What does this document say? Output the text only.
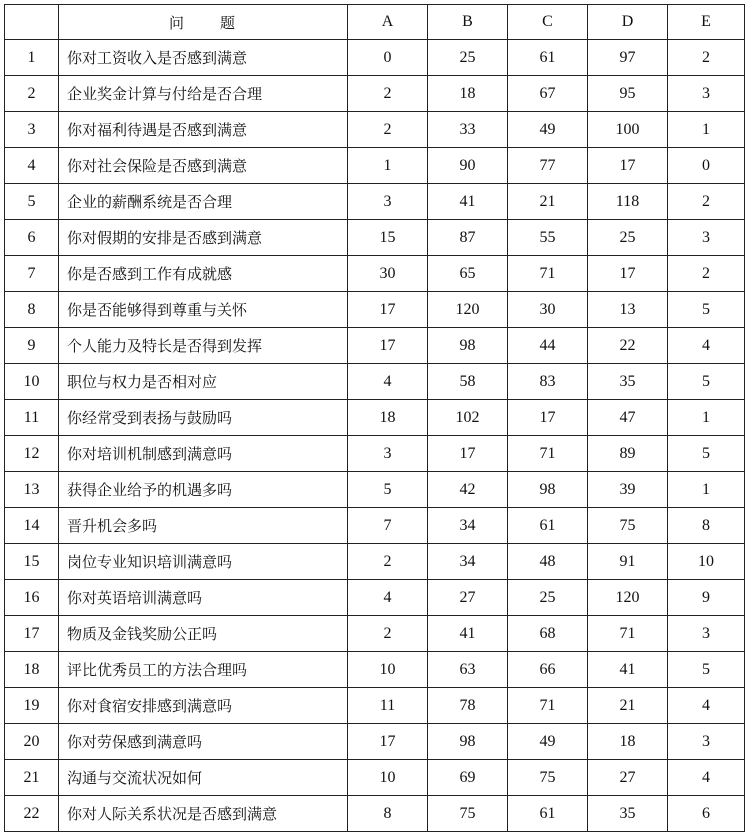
	问　　题	A	B	C	D	E
1	你对工资收入是否感到满意	0	25	61	97	2
2	企业奖金计算与付给是否合理	2	18	67	95	3
3	你对福利待遇是否感到满意	2	33	49	100	1
4	你对社会保险是否感到满意	1	90	77	17	0
5	企业的薪酬系统是否合理	3	41	21	118	2
6	你对假期的安排是否感到满意	15	87	55	25	3
7	你是否感到工作有成就感	30	65	71	17	2
8	你是否能够得到尊重与关怀	17	120	30	13	5
9	个人能力及特长是否得到发挥	17	98	44	22	4
10	职位与权力是否相对应	4	58	83	35	5
11	你经常受到表扬与鼓励吗	18	102	17	47	1
12	你对培训机制感到满意吗	3	17	71	89	5
13	获得企业给予的机遇多吗	5	42	98	39	1
14	晋升机会多吗	7	34	61	75	8
15	岗位专业知识培训满意吗	2	34	48	91	10
16	你对英语培训满意吗	4	27	25	120	9
17	物质及金钱奖励公正吗	2	41	68	71	3
18	评比优秀员工的方法合理吗	10	63	66	41	5
19	你对食宿安排感到满意吗	11	78	71	21	4
20	你对劳保感到满意吗	17	98	49	18	3
21	沟通与交流状况如何	10	69	75	27	4
22	你对人际关系状况是否感到满意	8	75	61	35	6
